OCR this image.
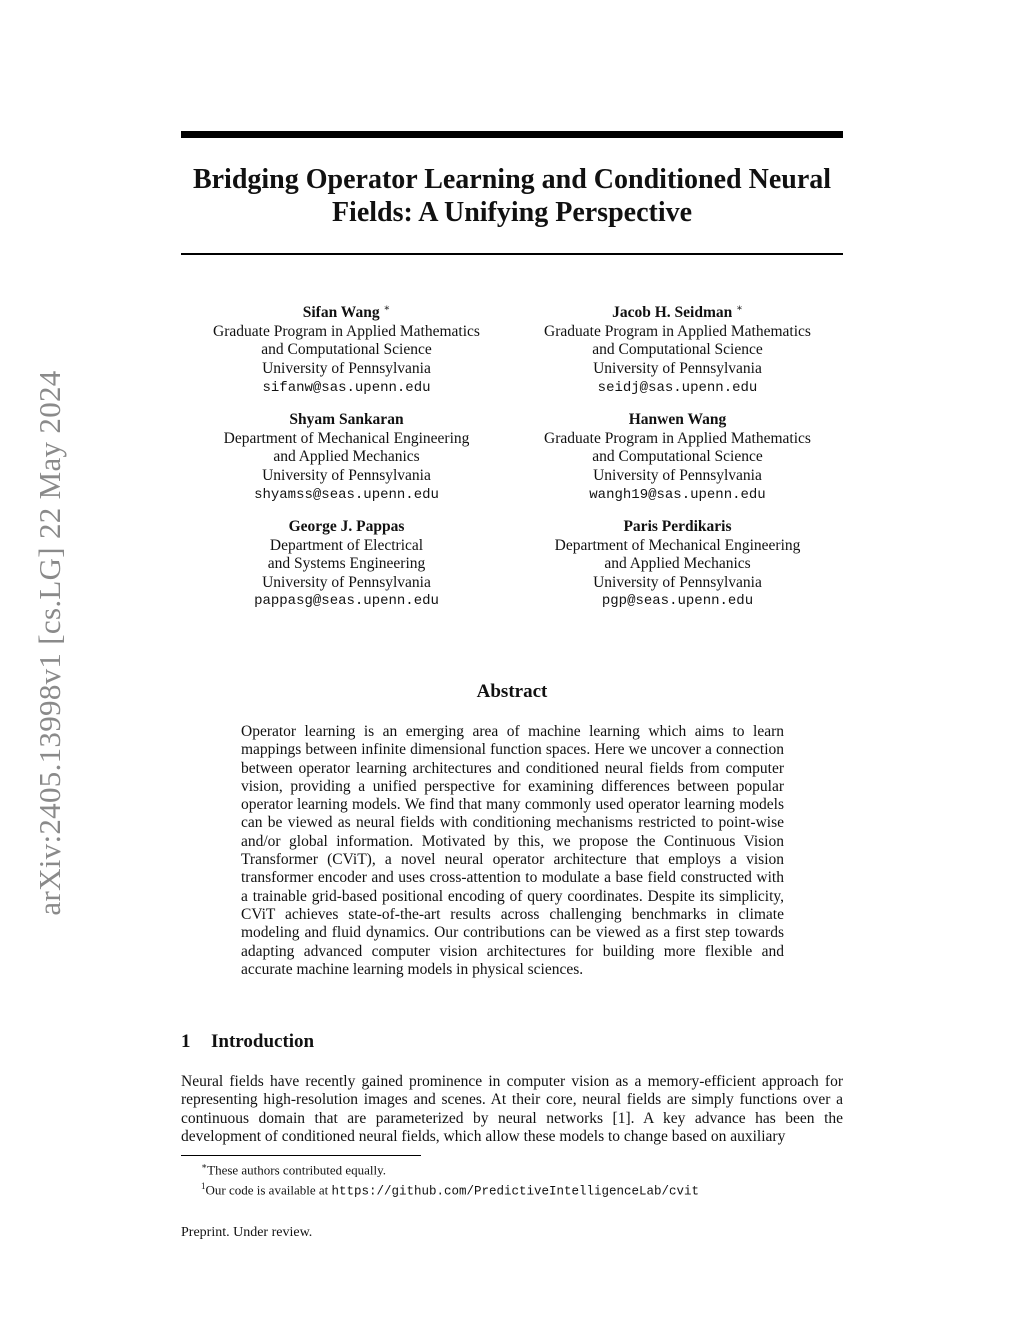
arXiv:2405.13998v1 [cs.LG] 22 May 2024
Bridging Operator Learning and Conditioned Neural Fields: A Unifying Perspective
Sifan Wang ∗
Graduate Program in Applied Mathematics
and Computational Science
University of Pennsylvania
sifanw@sas.upenn.edu
Jacob H. Seidman ∗
Graduate Program in Applied Mathematics
and Computational Science
University of Pennsylvania
seidj@sas.upenn.edu
Shyam Sankaran
Department of Mechanical Engineering
and Applied Mechanics
University of Pennsylvania
shyamss@seas.upenn.edu
Hanwen Wang
Graduate Program in Applied Mathematics
and Computational Science
University of Pennsylvania
wangh19@sas.upenn.edu
George J. Pappas
Department of Electrical
and Systems Engineering
University of Pennsylvania
pappasg@seas.upenn.edu
Paris Perdikaris
Department of Mechanical Engineering
and Applied Mechanics
University of Pennsylvania
pgp@seas.upenn.edu
Abstract

Operator learning is an emerging area of machine learning which aims to learn mappings between infinite dimensional function spaces. Here we uncover a connection between operator learning architectures and conditioned neural fields from computer vision, providing a unified perspective for examining differences between popular operator learning models. We find that many commonly used operator learning models can be viewed as neural fields with conditioning mechanisms restricted to point-wise and/or global information. Motivated by this, we propose the Continuous Vision Transformer (CViT), a novel neural operator architecture that employs a vision transformer encoder and uses cross-attention to modulate a base field constructed with a trainable grid-based positional encoding of query coordinates. Despite its simplicity, CViT achieves state-of-the-art results across challenging benchmarks in climate modeling and fluid dynamics. Our contributions can be viewed as a first step towards adapting advanced computer vision architectures for building more flexible and accurate machine learning models in physical sciences.

1 Introduction

Neural fields have recently gained prominence in computer vision as a memory-efficient approach for representing high-resolution images and scenes. At their core, neural fields are simply functions over a continuous domain that are parameterized by neural networks [1]. A key advance has been the development of conditioned neural fields, which allow these models to change based on auxiliary

∗These authors contributed equally.
$^1$Our code is available at https://github.com/PredictiveIntelligenceLab/cvit
Preprint. Under review.
